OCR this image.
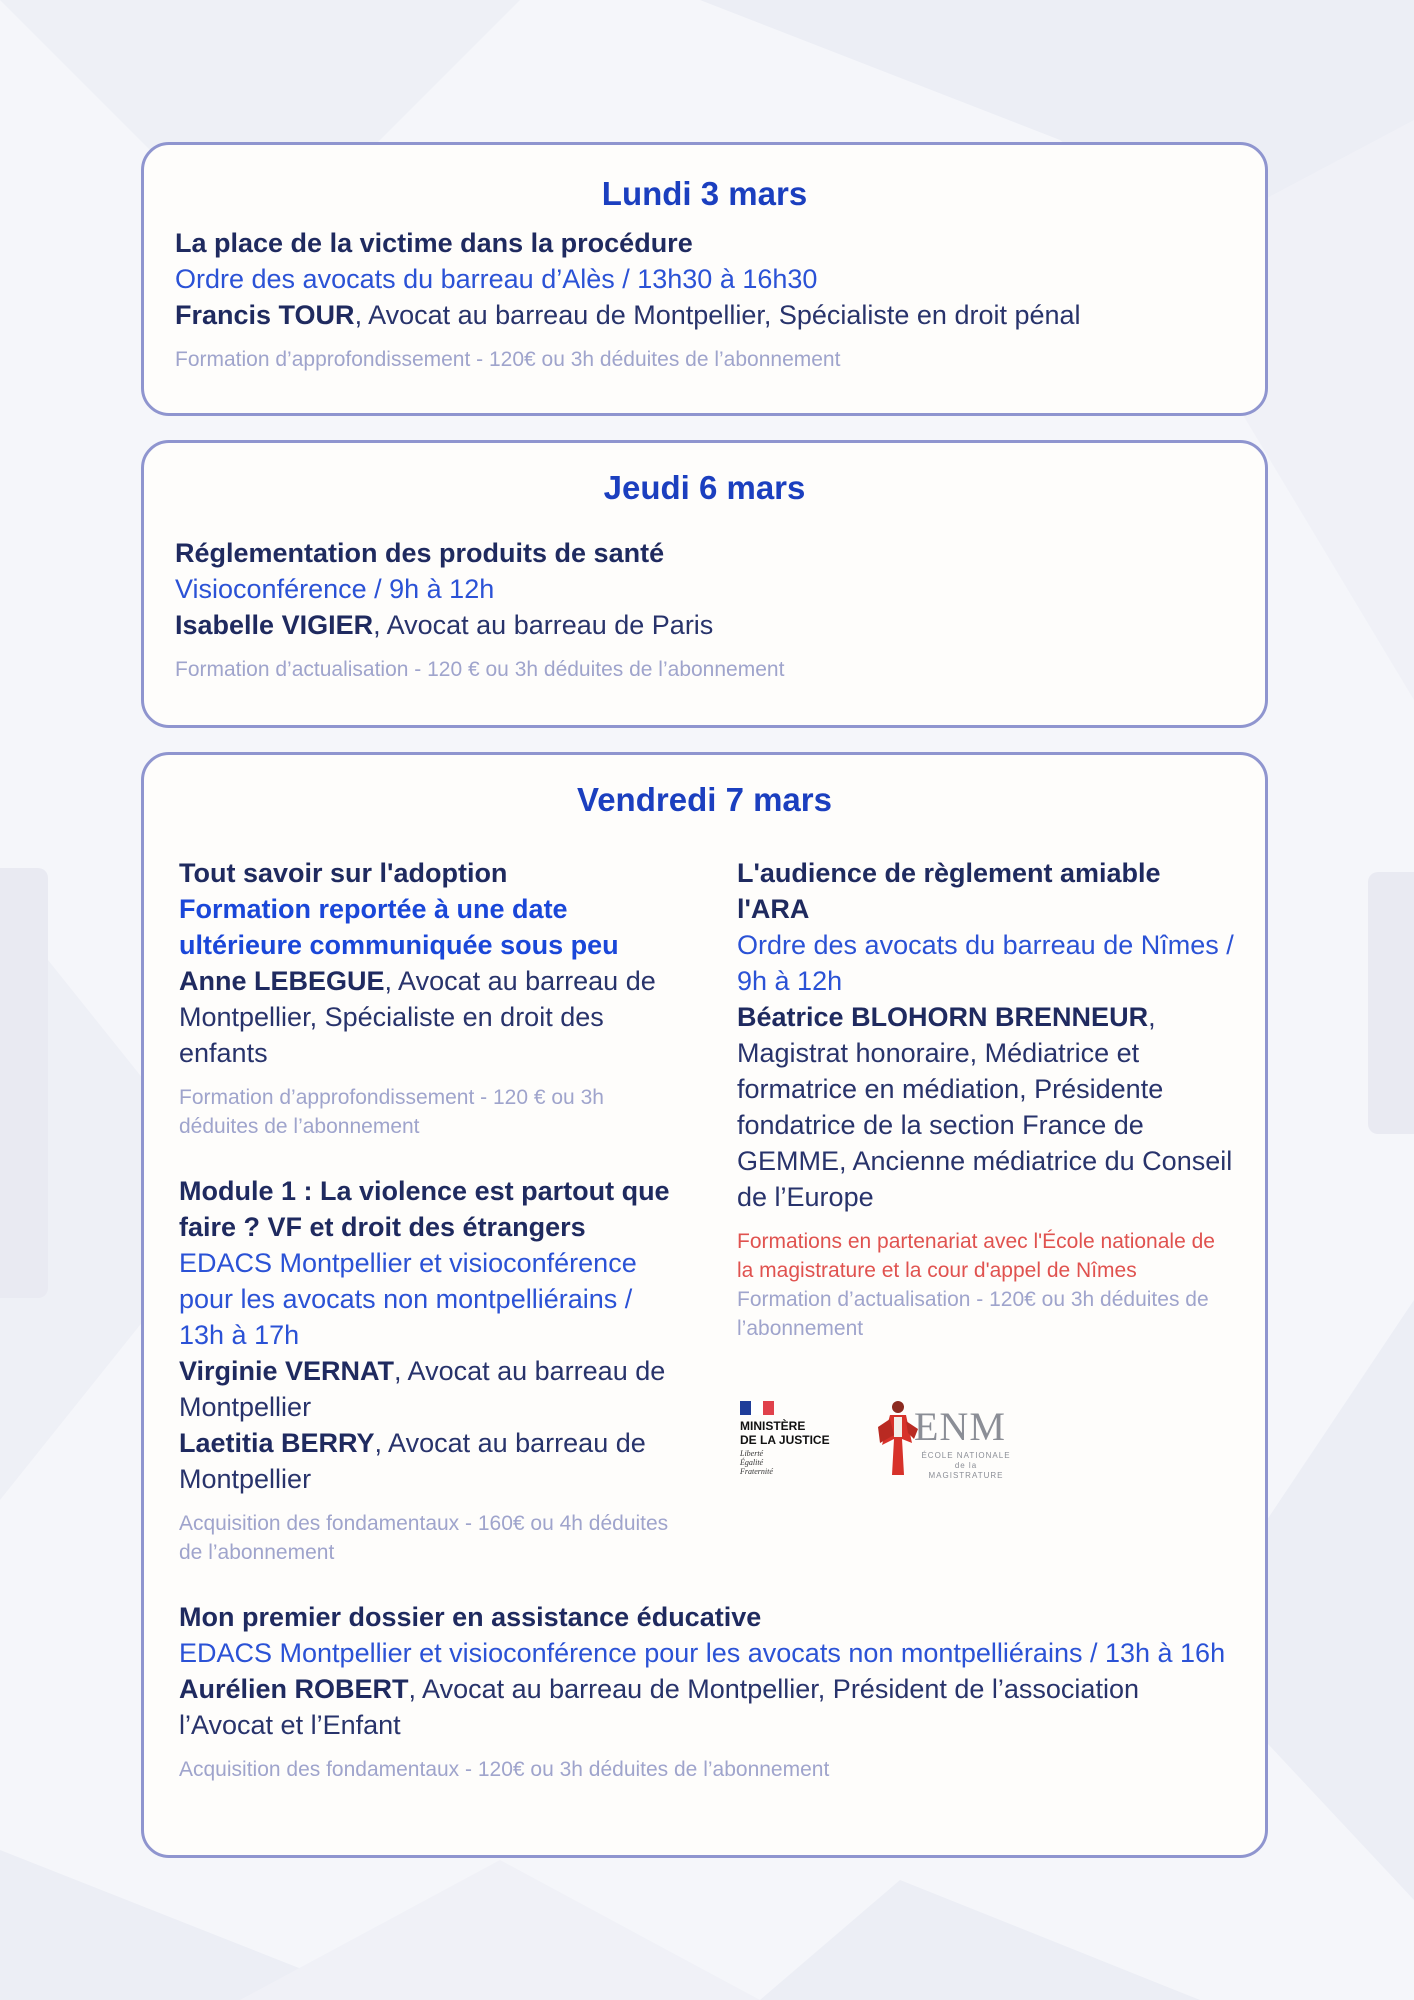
Lundi 3 mars
La place de la victime dans la procédure
Ordre des avocats du barreau d’Alès / 13h30 à 16h30
Francis TOUR, Avocat au barreau de Montpellier, Spécialiste en droit pénal
Formation d’approfondissement - 120€ ou 3h déduites de l’abonnement
Jeudi 6 mars
Réglementation des produits de santé
Visioconférence / 9h à 12h
Isabelle VIGIER, Avocat au barreau de Paris
Formation d’actualisation - 120 € ou 3h déduites de l’abonnement
Vendredi 7 mars
Tout savoir sur l'adoption
Formation reportée à une date ultérieure communiquée sous peu
Anne LEBEGUE, Avocat au barreau de Montpellier, Spécialiste en droit des enfants
Formation d’approfondissement - 120 € ou 3h déduites de l’abonnement
Module 1 : La violence est partout que faire ? VF et droit des étrangers
EDACS Montpellier et visioconférence pour les avocats non montpelliérains / 13h à 17h
Virginie VERNAT, Avocat au barreau de Montpellier
Laetitia BERRY, Avocat au barreau de Montpellier
Acquisition des fondamentaux - 160€ ou 4h déduites de l’abonnement
L'audience de règlement amiable l'ARA
Ordre des avocats du barreau de Nîmes / 9h à 12h
Béatrice BLOHORN BRENNEUR, Magistrat honoraire, Médiatrice et formatrice en médiation, Présidente fondatrice de la section France de GEMME, Ancienne médiatrice du Conseil de l’Europe
Formations en partenariat avec l'École nationale de la magistrature et la cour d'appel de Nîmes
Formation d’actualisation - 120€ ou 3h déduites de l’abonnement
MINISTÈRE
DE LA JUSTICE
Liberté
Égalité
Fraternité
ENM
ÉCOLE NATIONALE
de la MAGISTRATURE
Mon premier dossier en assistance éducative
EDACS Montpellier et visioconférence pour les avocats non montpelliérains / 13h à 16h
Aurélien ROBERT, Avocat au barreau de Montpellier, Président de l’association l’Avocat et l’Enfant
Acquisition des fondamentaux - 120€ ou 3h déduites de l’abonnement
